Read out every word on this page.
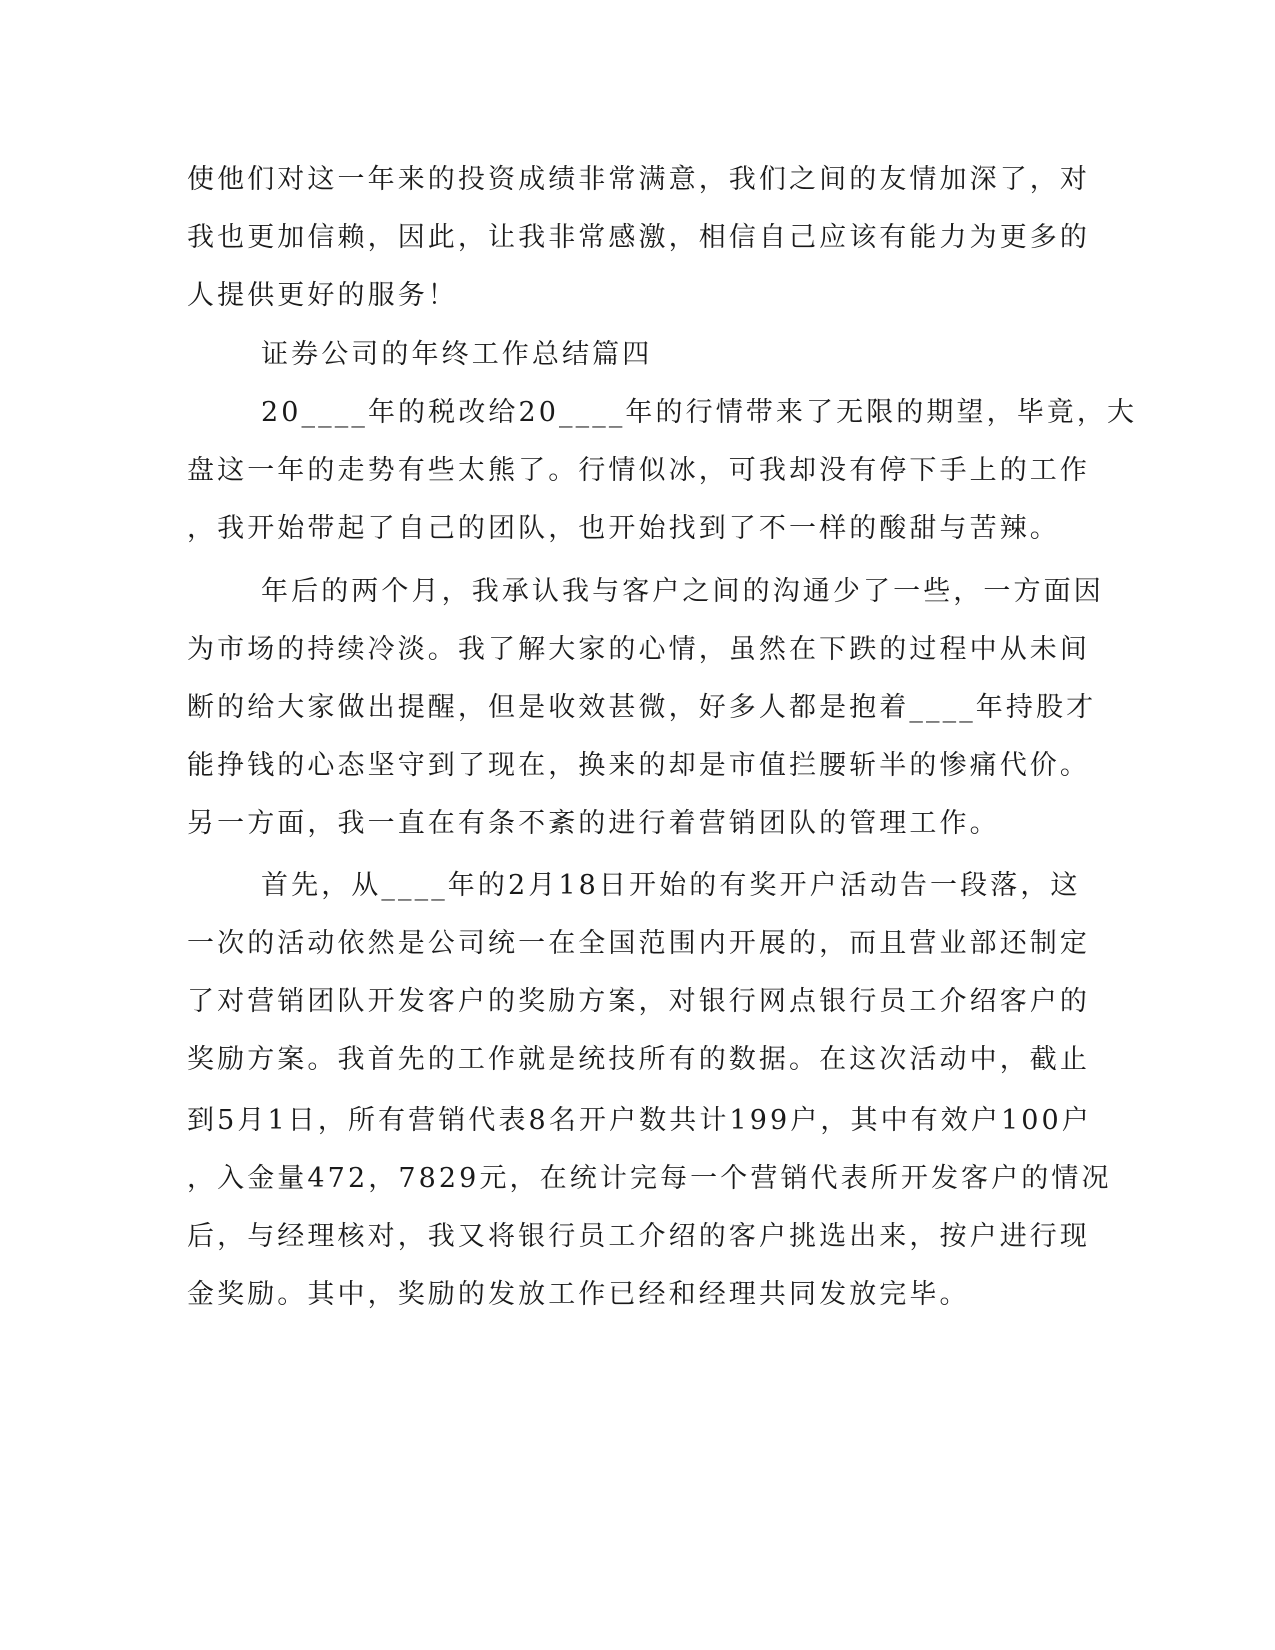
使他们对这一年来的投资成绩非常满意，我们之间的友情加深了，对
我也更加信赖，因此，让我非常感激，相信自己应该有能力为更多的
人提供更好的服务！
证券公司的年终工作总结篇四
20____年的税改给20____年的行情带来了无限的期望，毕竟，大
盘这一年的走势有些太熊了。行情似冰，可我却没有停下手上的工作
，我开始带起了自己的团队，也开始找到了不一样的酸甜与苦辣。
年后的两个月，我承认我与客户之间的沟通少了一些，一方面因
为市场的持续冷淡。我了解大家的心情，虽然在下跌的过程中从未间
断的给大家做出提醒，但是收效甚微，好多人都是抱着____年持股才
能挣钱的心态坚守到了现在，换来的却是市值拦腰斩半的惨痛代价。
另一方面，我一直在有条不紊的进行着营销团队的管理工作。
首先，从____年的2月18日开始的有奖开户活动告一段落，这
一次的活动依然是公司统一在全国范围内开展的，而且营业部还制定
了对营销团队开发客户的奖励方案，对银行网点银行员工介绍客户的
奖励方案。我首先的工作就是统技所有的数据。在这次活动中，截止
到5月1日，所有营销代表8名开户数共计199户，其中有效户100户
，入金量472，7829元，在统计完每一个营销代表所开发客户的情况
后，与经理核对，我又将银行员工介绍的客户挑选出来，按户进行现
金奖励。其中，奖励的发放工作已经和经理共同发放完毕。
